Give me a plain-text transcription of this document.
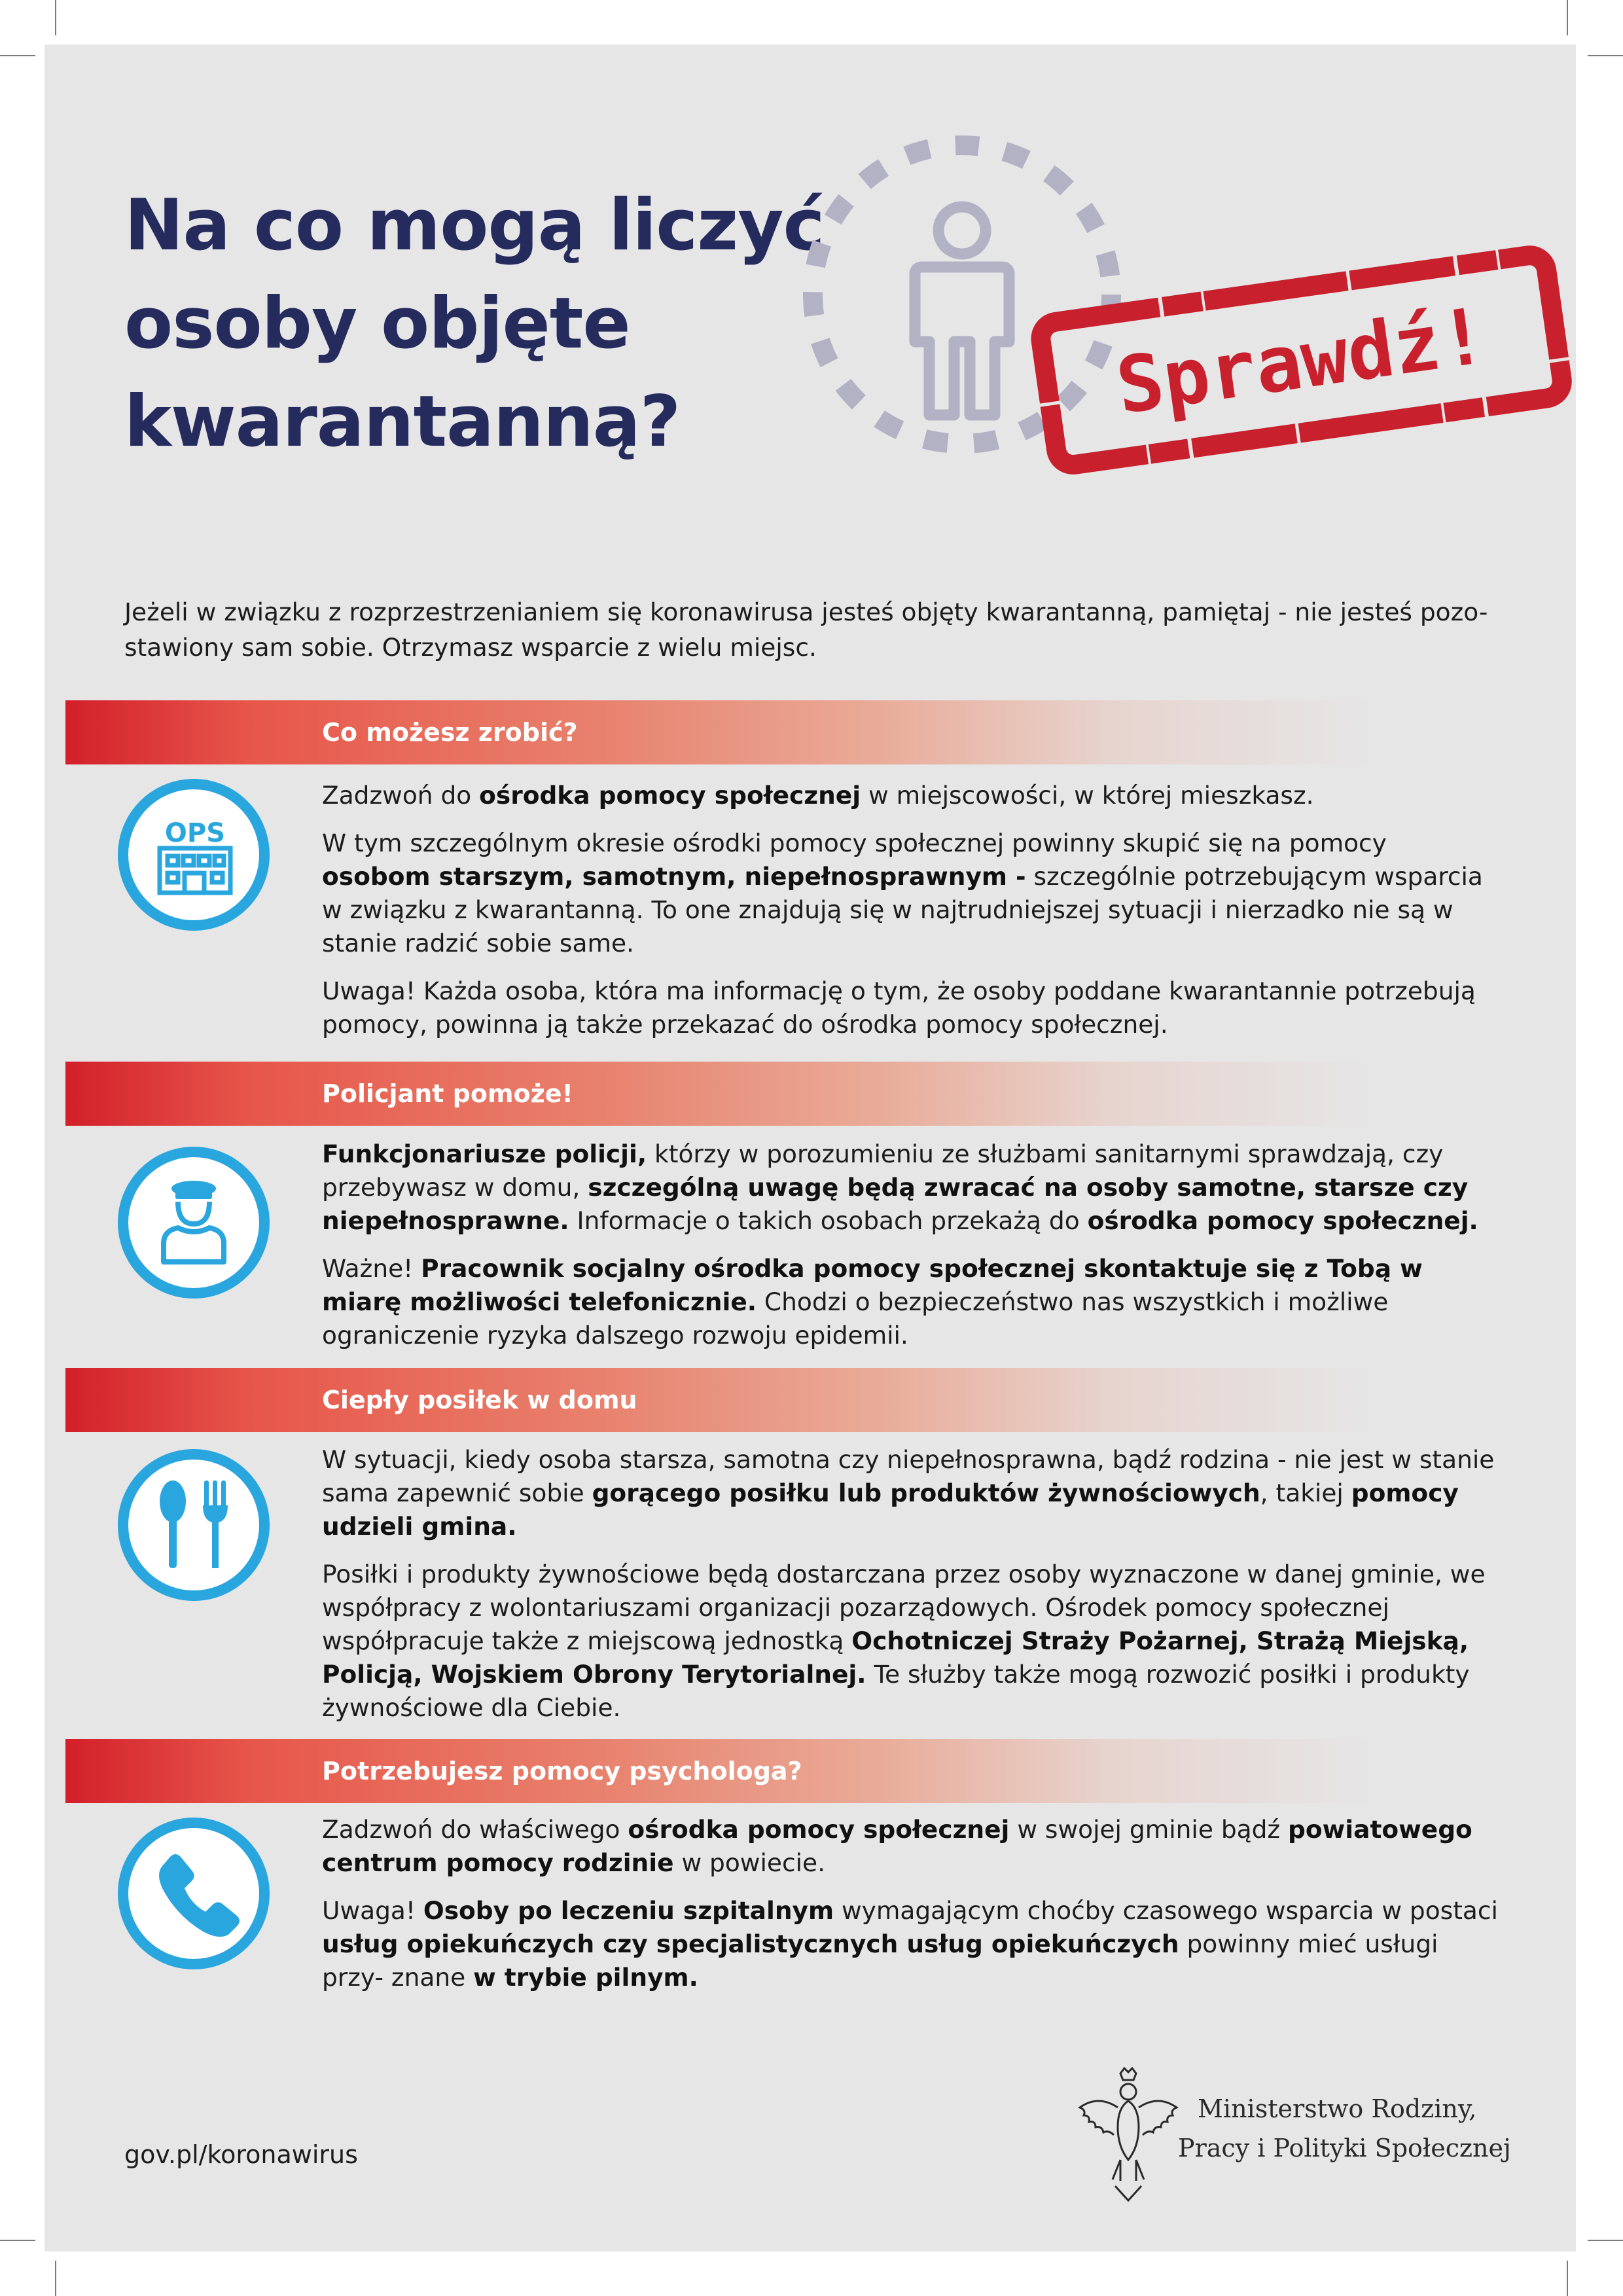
Na co mogą liczyć
osoby objęte
kwarantanną?	Sprawdź!

Jeżeli w związku z rozprzestrzenianiem się koronawirusa jesteś objęty kwarantanną, pamiętaj - nie jesteś pozo- stawiony sam sobie. Otrzymasz wsparcie z wielu miejsc.

Co możesz zrobić?
OPS

Zadzwoń do ośrodka pomocy społecznej w miejscowości, w której mieszkasz.

W tym szczególnym okresie ośrodki pomocy społecznej powinny skupić się na pomocy osobom starszym, samotnym, niepełnosprawnym - szczególnie potrzebującym wsparcia w związku z kwarantanną. To one znajdują się w najtrudniejszej sytuacji i nierzadko nie są w stanie radzić sobie same.

Uwaga! Każda osoba, która ma informację o tym, że osoby poddane kwarantannie potrzebują pomocy, powinna ją także przekazać do ośrodka pomocy społecznej.

Policjant pomoże!

Funkcjonariusze policji, którzy w porozumieniu ze służbami sanitarnymi sprawdzają, czy przebywasz w domu, szczególną uwagę będą zwracać na osoby samotne, starsze czy niepełnosprawne. Informacje o takich osobach przekażą do ośrodka pomocy społecznej.

Ważne! Pracownik socjalny ośrodka pomocy społecznej skontaktuje się z Tobą w miarę możliwości telefonicznie. Chodzi o bezpieczeństwo nas wszystkich i możliwe ograniczenie ryzyka dalszego rozwoju epidemii.

Ciepły posiłek w domu

W sytuacji, kiedy osoba starsza, samotna czy niepełnosprawna, bądź rodzina - nie jest w stanie sama zapewnić sobie gorącego posiłku lub produktów żywnościowych, takiej pomocy udzieli gmina.

Posiłki i produkty żywnościowe będą dostarczana przez osoby wyznaczone w danej gminie, we współpracy z wolontariuszami organizacji pozarządowych. Ośrodek pomocy społecznej współpracuje także z miejscową jednostką Ochotniczej Straży Pożarnej, Strażą Miejską, Policją, Wojskiem Obrony Terytorialnej. Te służby także mogą rozwozić posiłki i produkty żywnościowe dla Ciebie.

Potrzebujesz pomocy psychologa?

Zadzwoń do właściwego ośrodka pomocy społecznej w swojej gminie bądź powiatowego centrum pomocy rodzinie w powiecie.

Uwaga! Osoby po leczeniu szpitalnym wymagającym choćby czasowego wsparcia w postaci usług opiekuńczych czy specjalistycznych usług opiekuńczych powinny mieć usługi przy- znane w trybie pilnym.

gov.pl/koronawirus
Ministerstwo Rodziny,
Pracy i Polityki Społecznej
